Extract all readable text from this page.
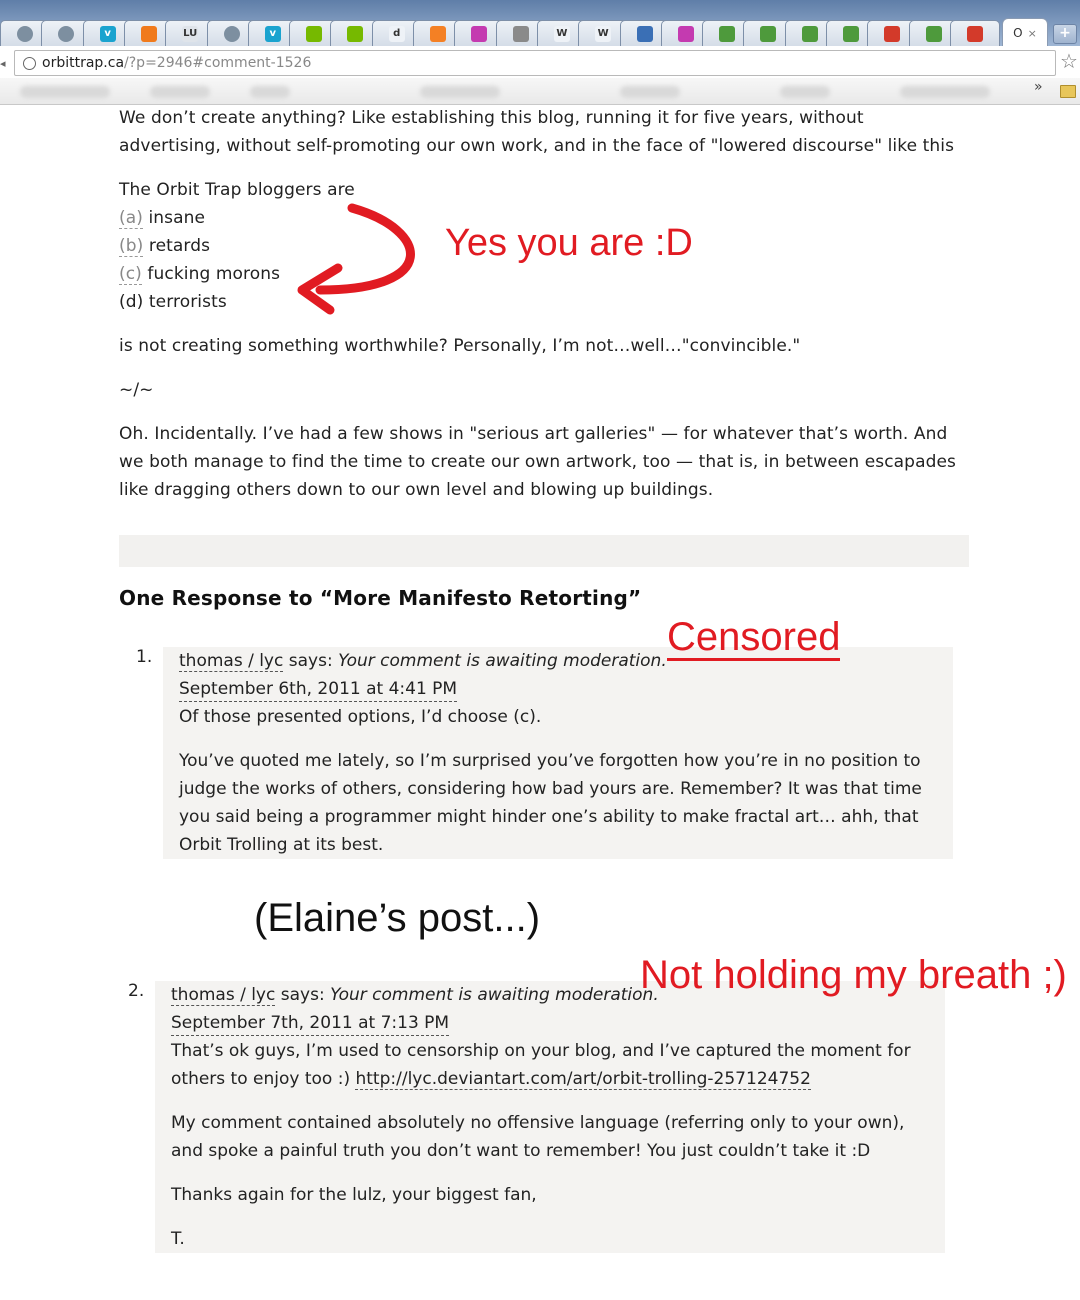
v	LU	v	d	W	W	O ×	+
◂	orbittrap.ca /?p=2946#comment-1526	☆
»

We don’t create anything? Like establishing this blog, running it for five years, without advertising, without self-promoting our own work, and in the face of "lowered discourse" like this

The Orbit Trap bloggers are
(a) insane
(b) retards
(c) fucking morons
(d) terrorists

is not creating something worthwhile? Personally, I’m not…well…"convincible."

~/~

Oh. Incidentally. I’ve had a few shows in "serious art galleries" — for whatever that’s worth. And we both manage to find the time to create our own artwork, too — that is, in between escapades like dragging others down to our own level and blowing up buildings.

One Response to “More Manifesto Retorting”
1. thomas / lyc says: Your comment is awaiting moderation.
September 6th, 2011 at 4:41 PM

Of those presented options, I’d choose (c).

You’ve quoted me lately, so I’m surprised you’ve forgotten how you’re in no position to judge the works of others, considering how bad yours are. Remember? It was that time you said being a programmer might hinder one’s ability to make fractal art… ahh, that Orbit Trolling at its best.

2. thomas / lyc says: Your comment is awaiting moderation.
September 7th, 2011 at 7:13 PM

That’s ok guys, I’m used to censorship on your blog, and I’ve captured the moment for others to enjoy too :) http://lyc.deviantart.com/art/orbit-trolling-257124752

My comment contained absolutely no offensive language (referring only to your own), and spoke a painful truth you don’t want to remember! You just couldn’t take it :D

Thanks again for the lulz, your biggest fan,

T.

Yes you are :D
Censored
(Elaine’s post...)
Not holding my breath ;)
